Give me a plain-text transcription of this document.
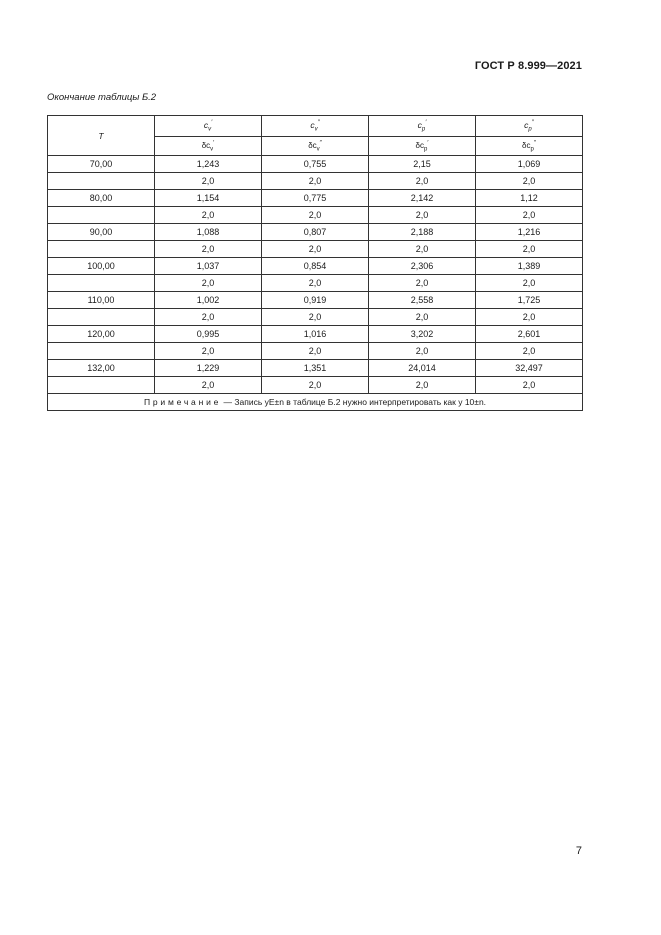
ГОСТ Р 8.999—2021
Окончание таблицы Б.2
T	$c_v'$	$c_v''$	$c_p'$	$c_p''$
	$\delta c_v'$	$\delta c_v''$	$\delta c_p'$	$\delta c_p''$
70,00	1,243	0,755	2,15	1,069
	2,0	2,0	2,0	2,0
80,00	1,154	0,775	2,142	1,12
	2,0	2,0	2,0	2,0
90,00	1,088	0,807	2,188	1,216
	2,0	2,0	2,0	2,0
100,00	1,037	0,854	2,306	1,389
	2,0	2,0	2,0	2,0
110,00	1,002	0,919	2,558	1,725
	2,0	2,0	2,0	2,0
120,00	0,995	1,016	3,202	2,601
	2,0	2,0	2,0	2,0
132,00	1,229	1,351	24,014	32,497
	2,0	2,0	2,0	2,0
Примечание — Запись yE±n в таблице Б.2 нужно интерпретировать как y 10±n.				
7
